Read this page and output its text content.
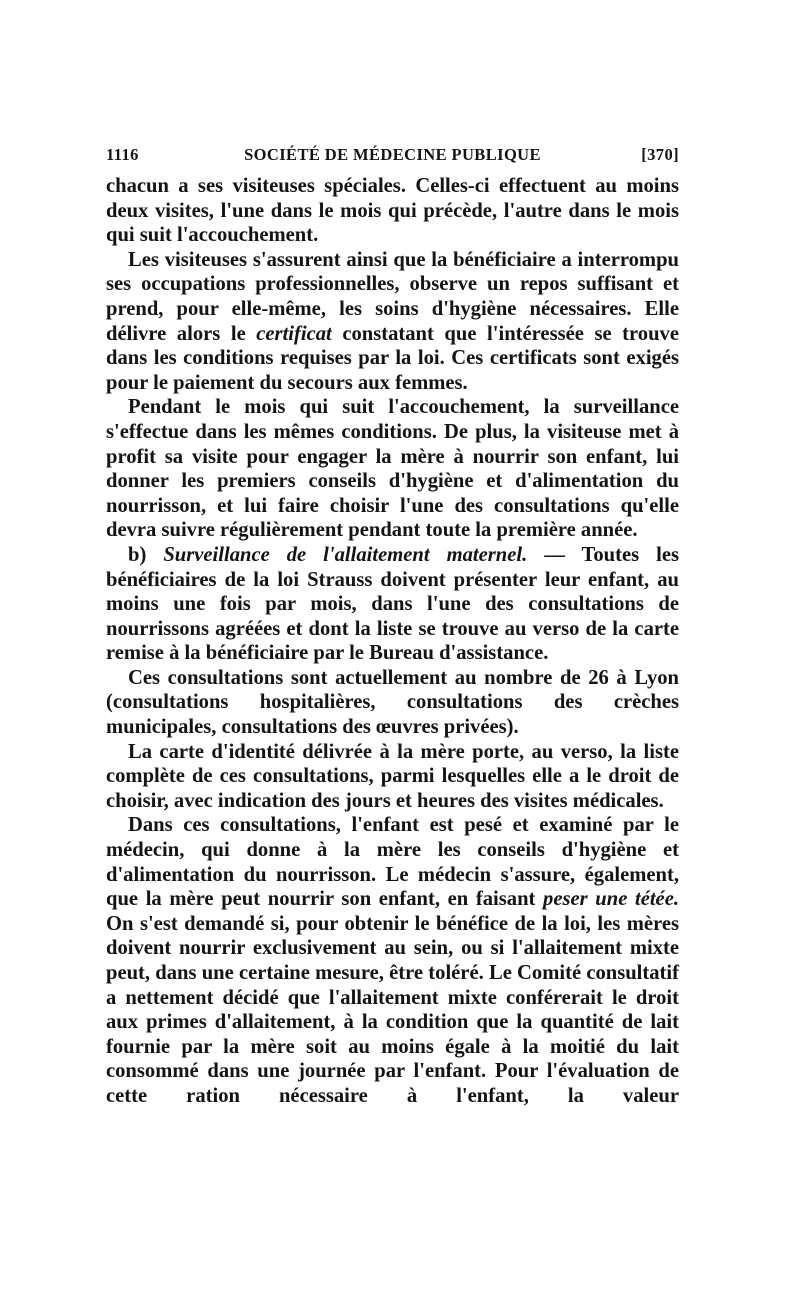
1116	SOCIÉTÉ DE MÉDECINE PUBLIQUE	[370]

chacun a ses visiteuses spéciales. Celles-ci effectuent au moins deux visites, l'une dans le mois qui précède, l'autre dans le mois qui suit l'accouchement.

Les visiteuses s'assurent ainsi que la bénéficiaire a interrompu ses occupations professionnelles, observe un repos suffisant et prend, pour elle-même, les soins d'hygiène nécessaires. Elle délivre alors le certificat constatant que l'intéressée se trouve dans les conditions requises par la loi. Ces certificats sont exigés pour le paiement du secours aux femmes.

Pendant le mois qui suit l'accouchement, la surveillance s'effectue dans les mêmes conditions. De plus, la visiteuse met à profit sa visite pour engager la mère à nourrir son enfant, lui donner les premiers conseils d'hygiène et d'alimentation du nourrisson, et lui faire choisir l'une des consultations qu'elle devra suivre régulièrement pendant toute la première année.

b) Surveillance de l'allaitement maternel. — Toutes les bénéficiaires de la loi Strauss doivent présenter leur enfant, au moins une fois par mois, dans l'une des consultations de nourrissons agréées et dont la liste se trouve au verso de la carte remise à la bénéficiaire par le Bureau d'assistance.

Ces consultations sont actuellement au nombre de 26 à Lyon (consultations hospitalières, consultations des crèches municipales, consultations des œuvres privées).

La carte d'identité délivrée à la mère porte, au verso, la liste complète de ces consultations, parmi lesquelles elle a le droit de choisir, avec indication des jours et heures des visites médicales.

Dans ces consultations, l'enfant est pesé et examiné par le médecin, qui donne à la mère les conseils d'hygiène et d'alimentation du nourrisson. Le médecin s'assure, également, que la mère peut nourrir son enfant, en faisant peser une tétée. On s'est demandé si, pour obtenir le bénéfice de la loi, les mères doivent nourrir exclusivement au sein, ou si l'allaitement mixte peut, dans une certaine mesure, être toléré. Le Comité consultatif a nettement décidé que l'allaitement mixte conférerait le droit aux primes d'allaitement, à la condition que la quantité de lait fournie par la mère soit au moins égale à la moitié du lait consommé dans une journée par l'enfant. Pour l'évaluation de cette ration nécessaire à l'enfant, la valeur
